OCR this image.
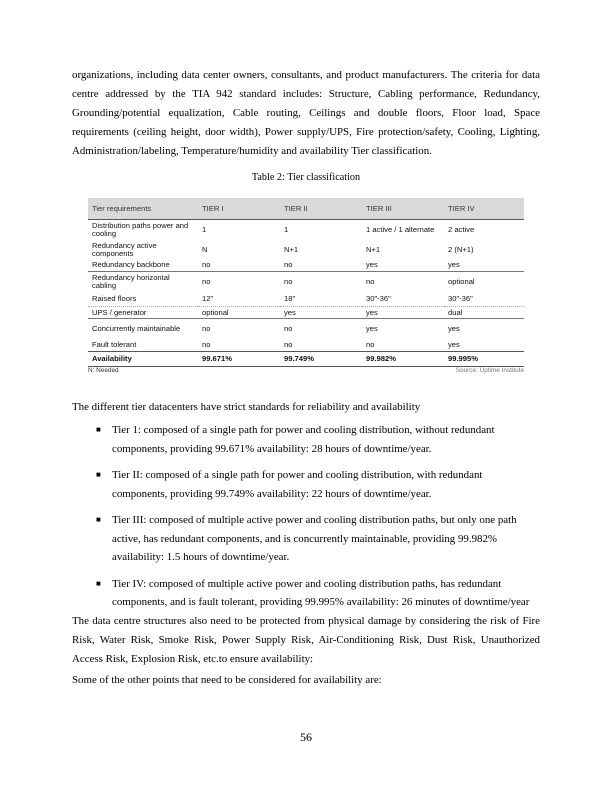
organizations, including data center owners, consultants, and product manufacturers. The criteria for data centre addressed by the TIA 942 standard includes: Structure, Cabling performance, Redundancy, Grounding/potential equalization, Cable routing, Ceilings and double floors, Floor load, Space requirements (ceiling height, door width), Power supply/UPS, Fire protection/safety, Cooling, Lighting, Administration/labeling, Temperature/humidity and availability Tier classification.
Table 2: Tier classification
Tier requirements	TIER I	TIER II	TIER III	TIER IV
Distribution paths power and cooling	1	1	1 active / 1 alternate	2 active
Redundancy active components	N	N+1	N+1	2 (N+1)
Redundancy backbone	no	no	yes	yes
Redundancy horizontal cabling	no	no	no	optional
Raised floors	12"	18"	30"-36"	30"-36"
UPS / generator	optional	yes	yes	dual
Concurrently maintainable	no	no	yes	yes
Fault tolerant	no	no	no	yes
Availability	99.671%	99.749%	99.982%	99.995%
N: Needed	Source: Uptime Institute
The different tier datacenters have strict standards for reliability and availability
■ Tier 1: composed of a single path for power and cooling distribution, without redundant components, providing 99.671% availability: 28 hours of downtime/year.
■ Tier II: composed of a single path for power and cooling distribution, with redundant components, providing 99.749% availability: 22 hours of downtime/year.
■ Tier III: composed of multiple active power and cooling distribution paths, but only one path active, has redundant components, and is concurrently maintainable, providing 99.982% availability: 1.5 hours of downtime/year.
■ Tier IV: composed of multiple active power and cooling distribution paths, has redundant components, and is fault tolerant, providing 99.995% availability: 26 minutes of downtime/year
The data centre structures also need to be protected from physical damage by considering the risk of Fire Risk, Water Risk, Smoke Risk, Power Supply Risk, Air-Conditioning Risk, Dust Risk, Unauthorized Access Risk, Explosion Risk, etc.to ensure availability:
Some of the other points that need to be considered for availability are:
56
